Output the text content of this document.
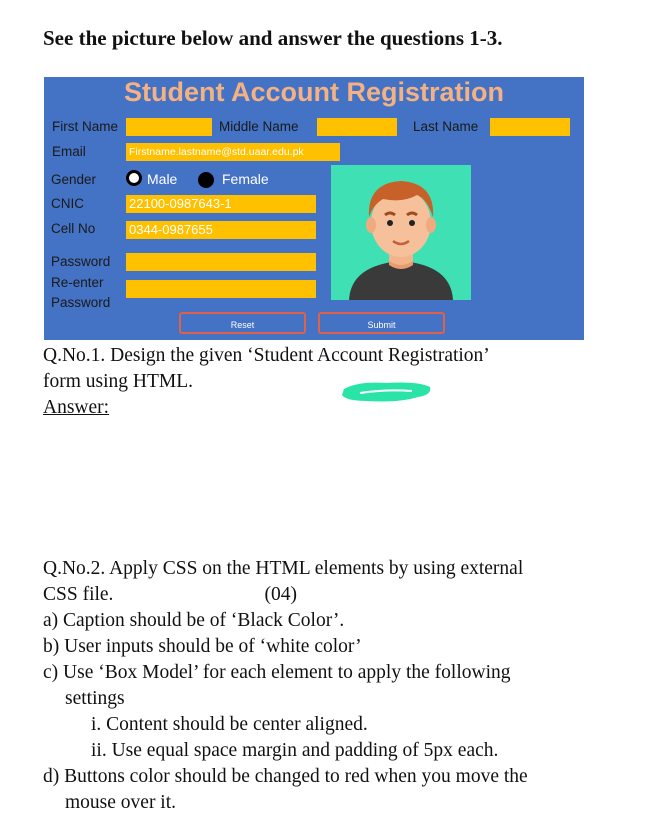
See the picture below and answer the questions 1-3.
Student Account Registration
First Name	Middle Name	Last Name
Email	Firstname.lastname@std.uaar.edu.pk
Gender	Male	Female
CNIC	22100-0987643-1
Cell No	0344-0987655
Password
Re-enter
Password
Reset	Submit
Q.No.1. Design the given ‘Student Account Registration’
form using HTML.
Answer:
Q.No.2. Apply CSS on the HTML elements by using external
CSS file.                               (04)
a) Caption should be of ‘Black Color’.
b) User inputs should be of ‘white color’
c) Use ‘Box Model’ for each element to apply the following
settings
i. Content should be center aligned.
ii. Use equal space margin and padding of 5px each.
d) Buttons color should be changed to red when you move the
mouse over it.
